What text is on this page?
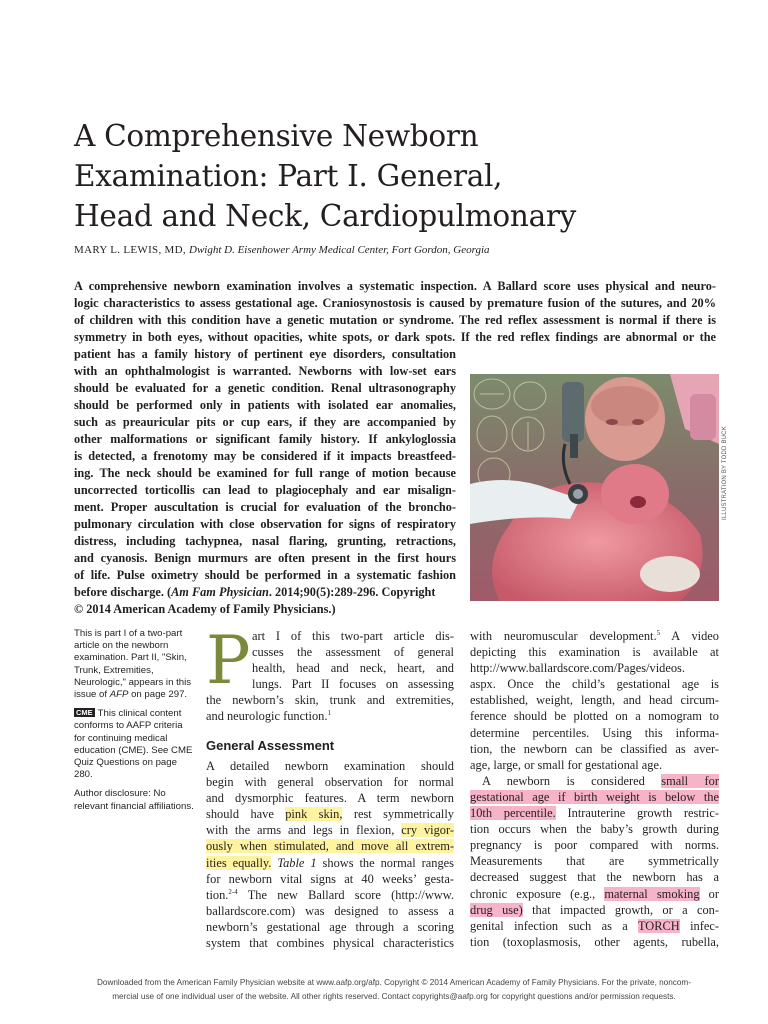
A Comprehensive Newborn
Examination: Part I. General,
Head and Neck, Cardiopulmonary
MARY L. LEWIS, MD, Dwight D. Eisenhower Army Medical Center, Fort Gordon, Georgia
A comprehensive newborn examination involves a systematic inspection. A Ballard score uses physical and neuro-
logic characteristics to assess gestational age. Craniosynostosis is caused by premature fusion of the sutures, and 20%
of children with this condition have a genetic mutation or syndrome. The red reflex assessment is normal if there is
symmetry in both eyes, without opacities, white spots, or dark spots. If the red reflex findings are abnormal or the
patient has a family history of pertinent eye disorders, consultation
with an ophthalmologist is warranted. Newborns with low-set ears
should be evaluated for a genetic condition. Renal ultrasonography
should be performed only in patients with isolated ear anomalies,
such as preauricular pits or cup ears, if they are accompanied by
other malformations or significant family history. If ankyloglossia
is detected, a frenotomy may be considered if it impacts breastfeed-
ing. The neck should be examined for full range of motion because
uncorrected torticollis can lead to plagiocephaly and ear misalign-
ment. Proper auscultation is crucial for evaluation of the broncho-
pulmonary circulation with close observation for signs of respiratory
distress, including tachypnea, nasal flaring, grunting, retractions,
and cyanosis. Benign murmurs are often present in the first hours
of life. Pulse oximetry should be performed in a systematic fashion
before discharge. (Am Fam Physician. 2014;90(5):289-296. Copyright
© 2014 American Academy of Family Physicians.)
ILLUSTRATION BY TODD BUCK

This is part I of a two-part article on the newborn examination. Part II, "Skin, Trunk, Extremities, Neurologic," appears in this issue of AFP on page 297.

CME This clinical content conforms to AAFP criteria for continuing medical education (CME). See CME Quiz Questions on page 280.

Author disclosure: No relevant financial affiliations.

P art I of this two-part article dis-
cusses the assessment of general
health, head and neck, heart, and
lungs. Part II focuses on assessing
the newborn’s skin, trunk and extremities,
and neurologic function.$^1$
General Assessment
A detailed newborn examination should
begin with general observation for normal
and dysmorphic features. A term newborn
should have pink skin, rest symmetrically
with the arms and legs in flexion, cry vigor-
ously when stimulated, and move all extrem-
ities equally. Table 1 shows the normal ranges
for newborn vital signs at 40 weeks’ gesta-
tion.$^{2-4}$ The new Ballard score (http://www.
ballardscore.com) was designed to assess a
newborn’s gestational age through a scoring
system that combines physical characteristics
with neuromuscular development.$^5$ A video
depicting this examination is available at
http://www.ballardscore.com/Pages/videos.
aspx. Once the child’s gestational age is
established, weight, length, and head circum-
ference should be plotted on a nomogram to
determine percentiles. Using this informa-
tion, the newborn can be classified as aver-
age, large, or small for gestational age.
A newborn is considered small for
gestational age if birth weight is below the
10th percentile. Intrauterine growth restric-
tion occurs when the baby’s growth during
pregnancy is poor compared with norms.
Measurements that are symmetrically
decreased suggest that the newborn has a
chronic exposure (e.g., maternal smoking or
drug use) that impacted growth, or a con-
genital infection such as a TORCH infec-
tion (toxoplasmosis, other agents, rubella,
Downloaded from the American Family Physician website at www.aafp.org/afp. Copyright © 2014 American Academy of Family Physicians. For the private, noncom-
mercial use of one individual user of the website. All other rights reserved. Contact copyrights@aafp.org for copyright questions and/or permission requests.
